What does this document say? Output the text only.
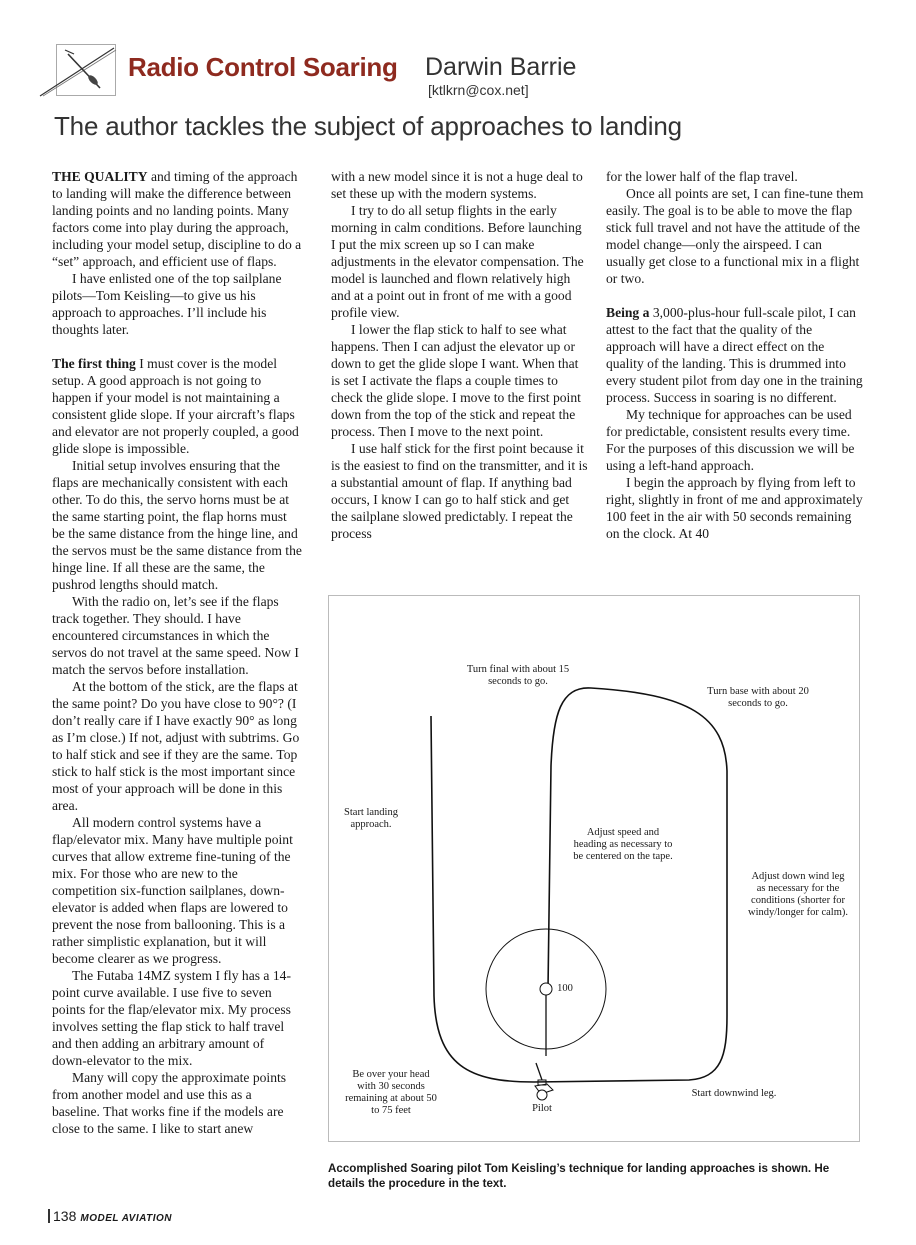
Radio Control Soaring Darwin Barrie
[ktlkrn@cox.net]
The author tackles the subject of approaches to landing

THE QUALITY and timing of the approach to landing will make the difference between landing points and no landing points. Many factors come into play during the approach, including your model setup, discipline to do a “set” approach, and efficient use of flaps.

I have enlisted one of the top sailplane pilots—Tom Keisling—to give us his approach to approaches. I’ll include his thoughts later.

The first thing I must cover is the model setup. A good approach is not going to happen if your model is not maintaining a consistent glide slope. If your aircraft’s flaps and elevator are not properly coupled, a good glide slope is impossible.

Initial setup involves ensuring that the flaps are mechanically consistent with each other. To do this, the servo horns must be at the same starting point, the flap horns must be the same distance from the hinge line, and the servos must be the same distance from the hinge line. If all these are the same, the pushrod lengths should match.

With the radio on, let’s see if the flaps track together. They should. I have encountered circumstances in which the servos do not travel at the same speed. Now I match the servos before installation.

At the bottom of the stick, are the flaps at the same point? Do you have close to 90°? (I don’t really care if I have exactly 90° as long as I’m close.) If not, adjust with subtrims. Go to half stick and see if they are the same. Top stick to half stick is the most important since most of your approach will be done in this area.

All modern control systems have a flap/elevator mix. Many have multiple point curves that allow extreme fine-tuning of the mix. For those who are new to the competition six-function sailplanes, down-elevator is added when flaps are lowered to prevent the nose from ballooning. This is a rather simplistic explanation, but it will become clearer as we progress.

The Futaba 14MZ system I fly has a 14-point curve available. I use five to seven points for the flap/elevator mix. My process involves setting the flap stick to half travel and then adding an arbitrary amount of down-elevator to the mix.

Many will copy the approximate points from another model and use this as a baseline. That works fine if the models are close to the same. I like to start anew

with a new model since it is not a huge deal to set these up with the modern systems.

I try to do all setup flights in the early morning in calm conditions. Before launching I put the mix screen up so I can make adjustments in the elevator compensation. The model is launched and flown relatively high and at a point out in front of me with a good profile view.

I lower the flap stick to half to see what happens. Then I can adjust the elevator up or down to get the glide slope I want. When that is set I activate the flaps a couple times to check the glide slope. I move to the first point down from the top of the stick and repeat the process. Then I move to the next point.

I use half stick for the first point because it is the easiest to find on the transmitter, and it is a substantial amount of flap. If anything bad occurs, I know I can go to half stick and get the sailplane slowed predictably. I repeat the process

for the lower half of the flap travel.

Once all points are set, I can fine-tune them easily. The goal is to be able to move the flap stick full travel and not have the attitude of the model change—only the airspeed. I can usually get close to a functional mix in a flight or two.

Being a 3,000-plus-hour full-scale pilot, I can attest to the fact that the quality of the approach will have a direct effect on the quality of the landing. This is drummed into every student pilot from day one in the training process. Success in soaring is no different.

My technique for approaches can be used for predictable, consistent results every time. For the purposes of this discussion we will be using a left-hand approach.

I begin the approach by flying from left to right, slightly in front of me and approximately 100 feet in the air with 50 seconds remaining on the clock. At 40

Turn final with about 15
seconds to go.
Turn base with about 20
seconds to go.
Start landing
approach.
Adjust speed and
heading as necessary to
be centered on the tape.
Adjust down wind leg
as necessary for the
conditions (shorter for
windy/longer for calm).
100
Be over your head
with 30 seconds
remaining at about 50
to 75 feet	Pilot
Start downwind leg.
Accomplished Soaring pilot Tom Keisling’s technique for landing approaches is shown. He details the procedure in the text.
138 MODEL AVIATION
